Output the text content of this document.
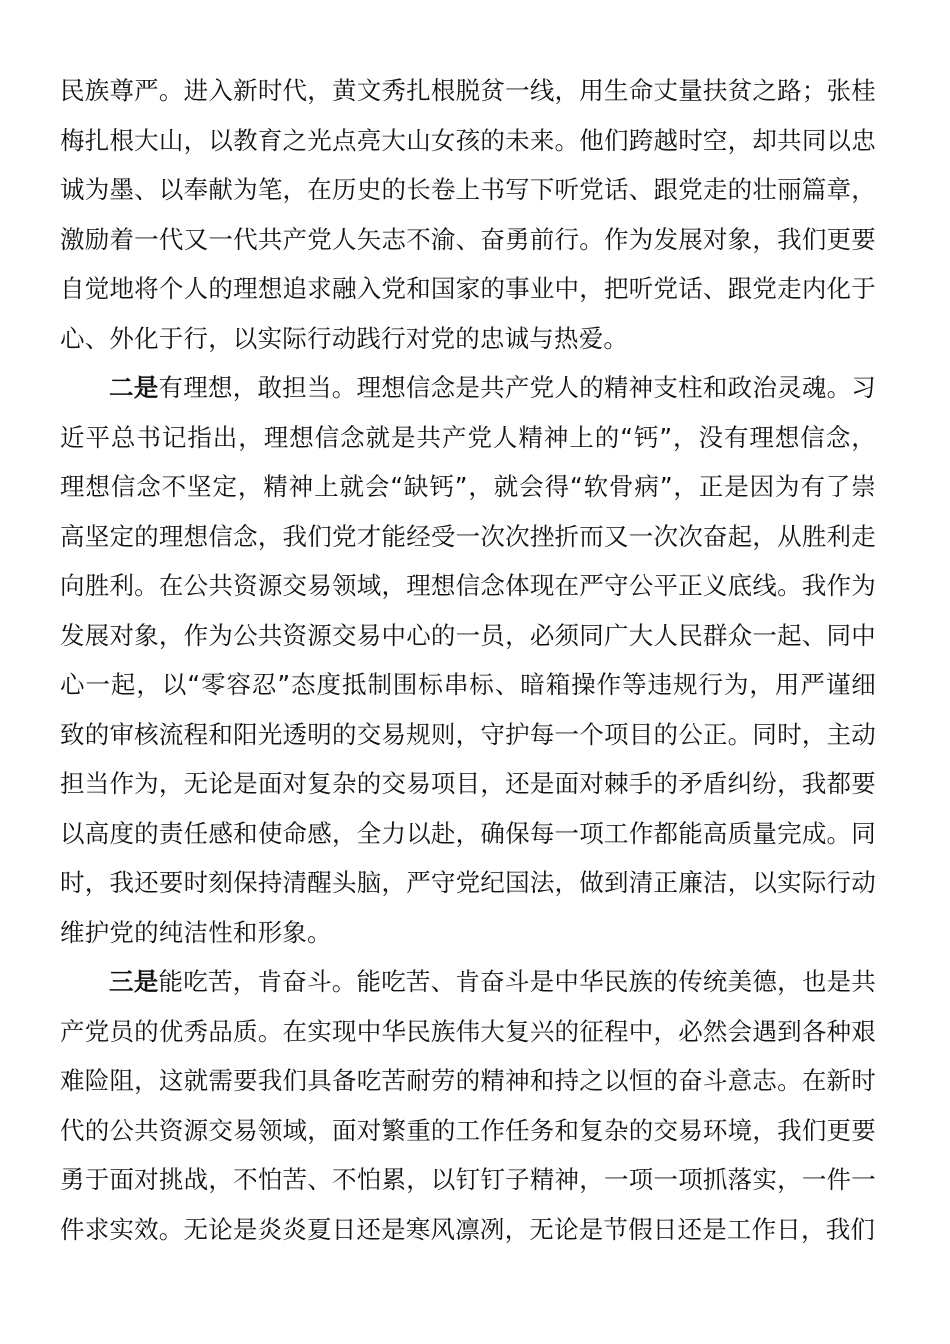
民族尊严。进入新时代，黄文秀扎根脱贫一线，用生命丈量扶贫之路；张桂梅扎根大山，以教育之光点亮大山女孩的未来。他们跨越时空，却共同以忠诚为墨、以奉献为笔，在历史的长卷上书写下听党话、跟党走的壮丽篇章，激励着一代又一代共产党人矢志不渝、奋勇前行。作为发展对象，我们更要自觉地将个人的理想追求融入党和国家的事业中，把听党话、跟党走内化于心、外化于行，以实际行动践行对党的忠诚与热爱。

二是有理想，敢担当。理想信念是共产党人的精神支柱和政治灵魂。习近平总书记指出，理想信念就是共产党人精神上的“钙”，没有理想信念，理想信念不坚定，精神上就会“缺钙”，就会得“软骨病”，正是因为有了崇高坚定的理想信念，我们党才能经受一次次挫折而又一次次奋起，从胜利走向胜利。在公共资源交易领域，理想信念体现在严守公平正义底线。我作为发展对象，作为公共资源交易中心的一员，必须同广大人民群众一起、同中心一起，以“零容忍”态度抵制围标串标、暗箱操作等违规行为，用严谨细致的审核流程和阳光透明的交易规则，守护每一个项目的公正。同时，主动担当作为，无论是面对复杂的交易项目，还是面对棘手的矛盾纠纷，我都要以高度的责任感和使命感，全力以赴，确保每一项工作都能高质量完成。同时，我还要时刻保持清醒头脑，严守党纪国法，做到清正廉洁，以实际行动维护党的纯洁性和形象。

三是能吃苦，肯奋斗。能吃苦、肯奋斗是中华民族的传统美德，也是共产党员的优秀品质。在实现中华民族伟大复兴的征程中，必然会遇到各种艰难险阻，这就需要我们具备吃苦耐劳的精神和持之以恒的奋斗意志。在新时代的公共资源交易领域，面对繁重的工作任务和复杂的交易环境，我们更要勇于面对挑战，不怕苦、不怕累，以钉钉子精神，一项一项抓落实，一件一件求实效。无论是炎炎夏日还是寒风凛冽，无论是节假日还是工作日，我们
